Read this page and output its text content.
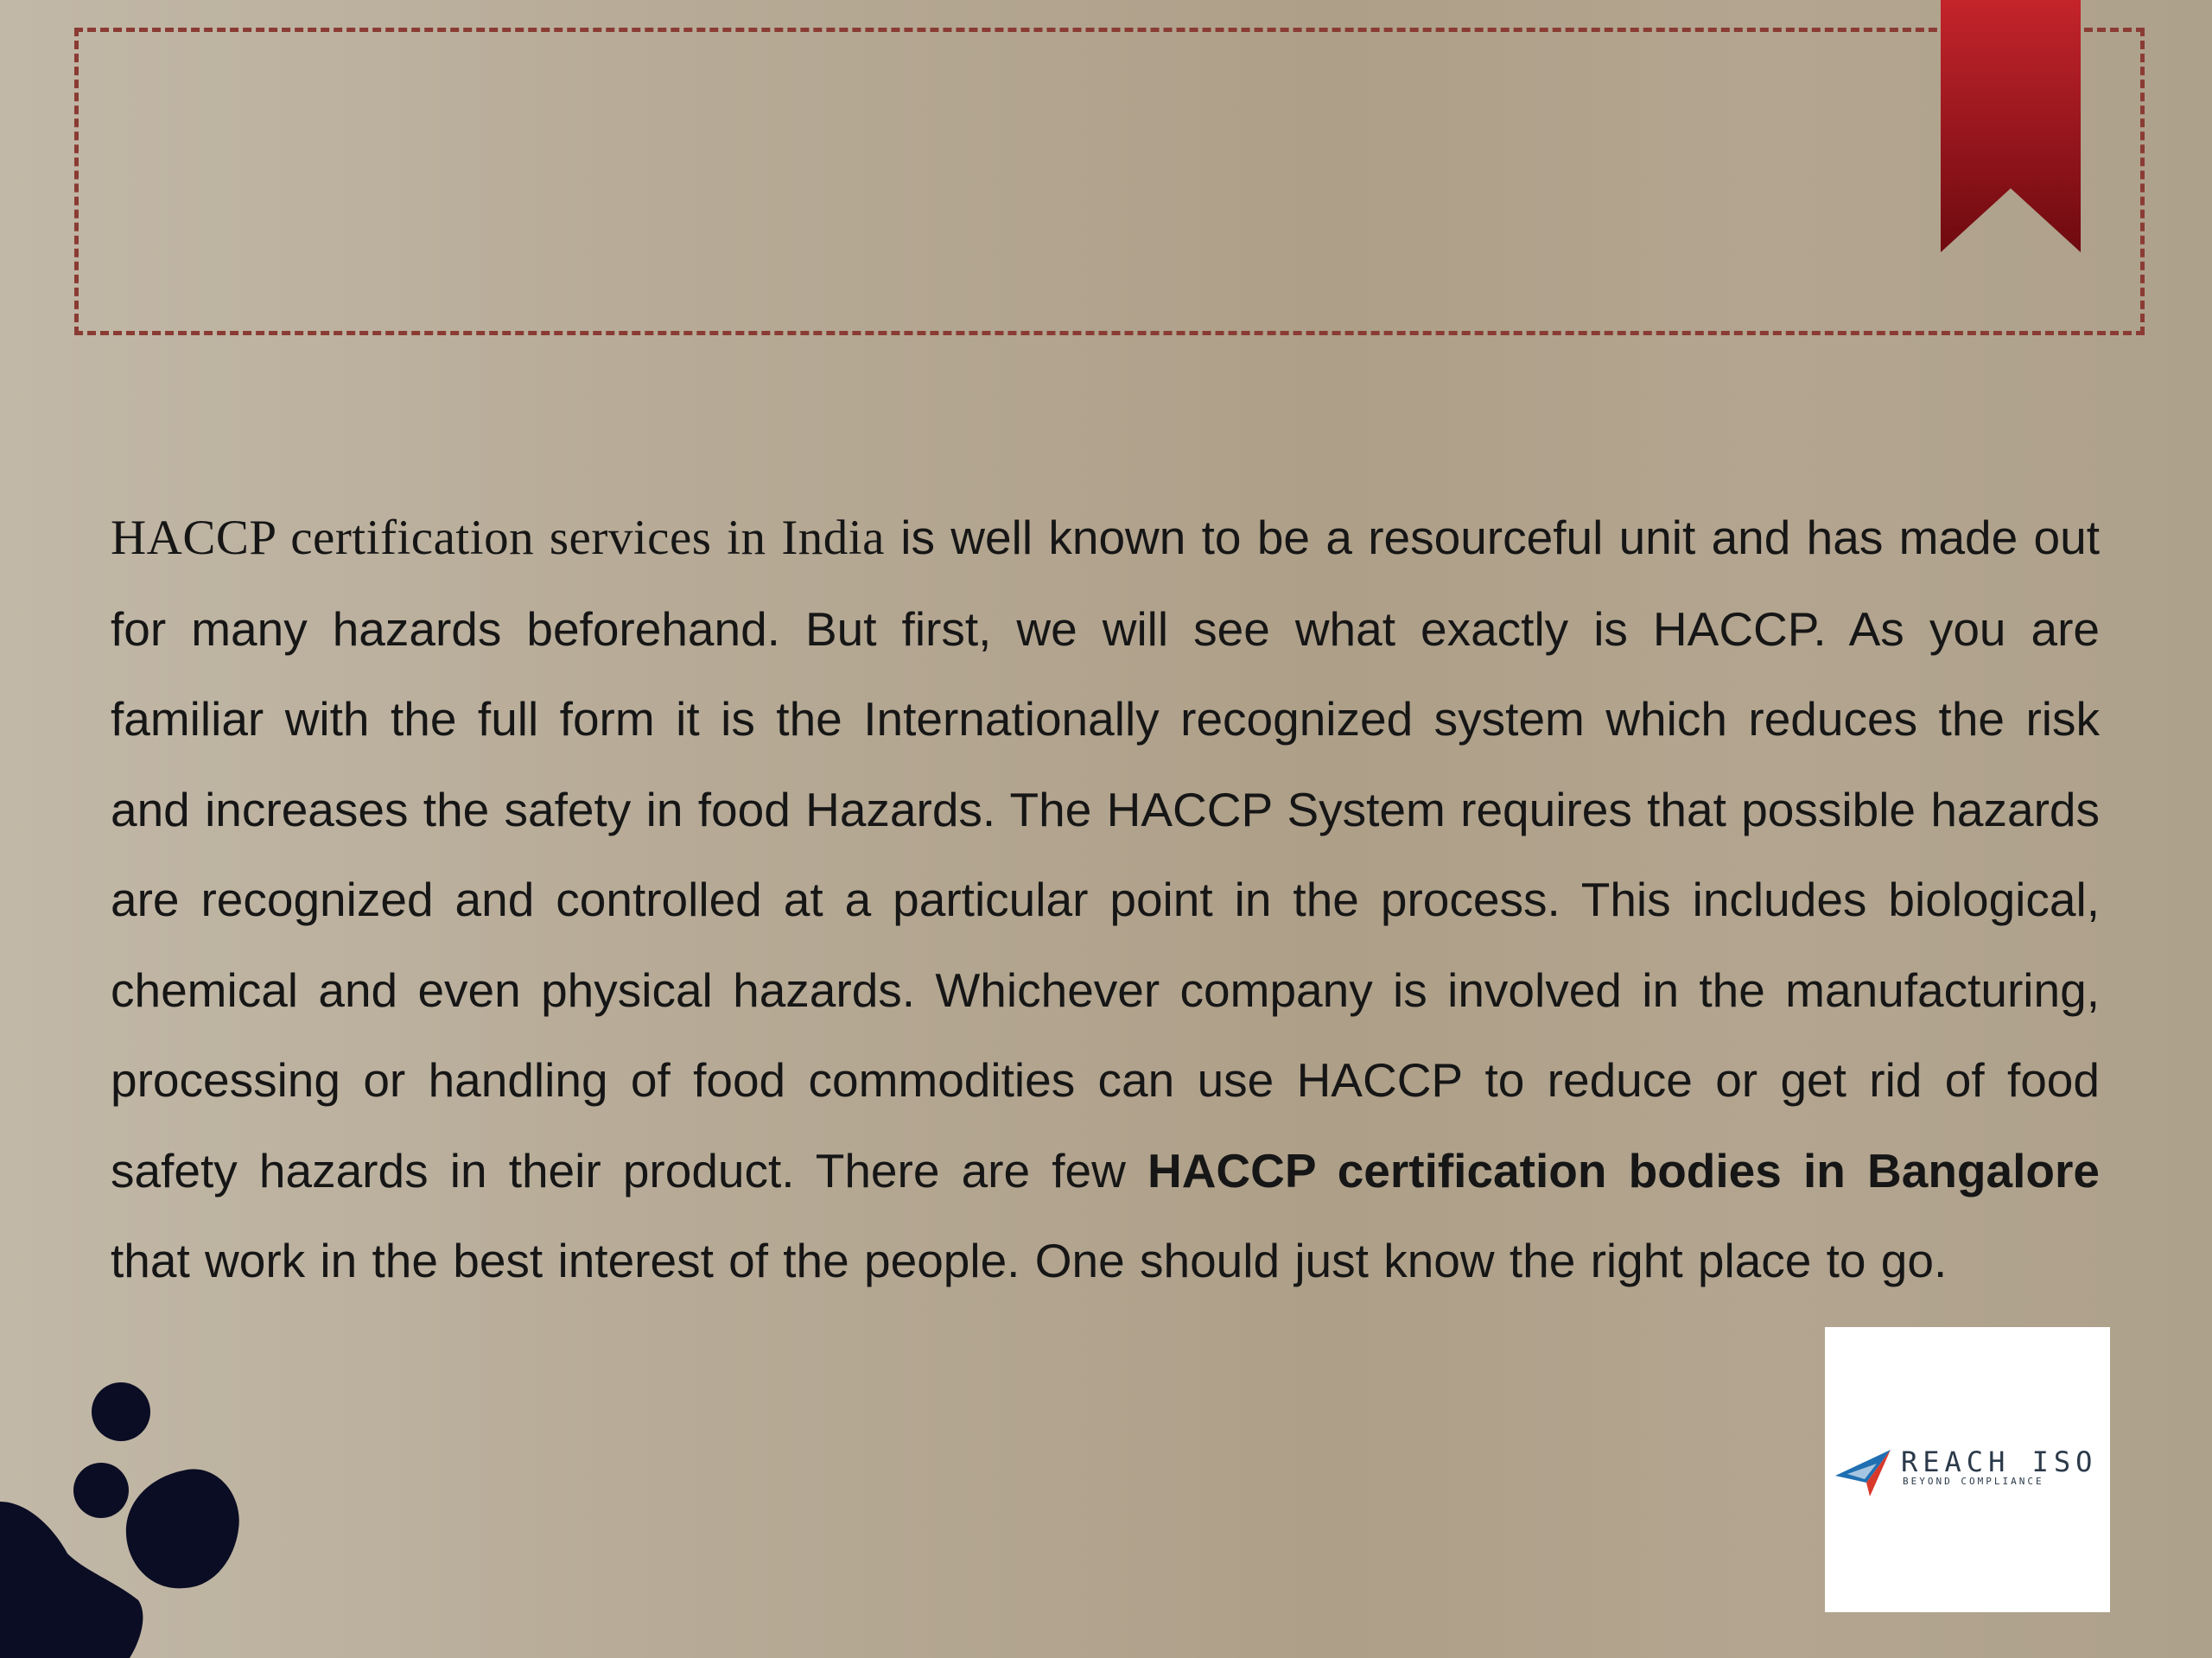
HACCP certification services in India is well known to be a resourceful unit and has made out for many hazards beforehand. But first, we will see what exactly is HACCP. As you are familiar with the full form it is the Internationally recognized system which reduces the risk and increases the safety in food Hazards. The HACCP System requires that possible hazards are recognized and controlled at a particular point in the process. This includes biological, chemical and even physical hazards. Whichever company is involved in the manufacturing, processing or handling of food commodities can use HACCP to reduce or get rid of food safety hazards in their product. There are few HACCP certification bodies in Bangalore that work in the best interest of the people. One should just know the right place to go.
REACH ISO
BEYOND COMPLIANCE
